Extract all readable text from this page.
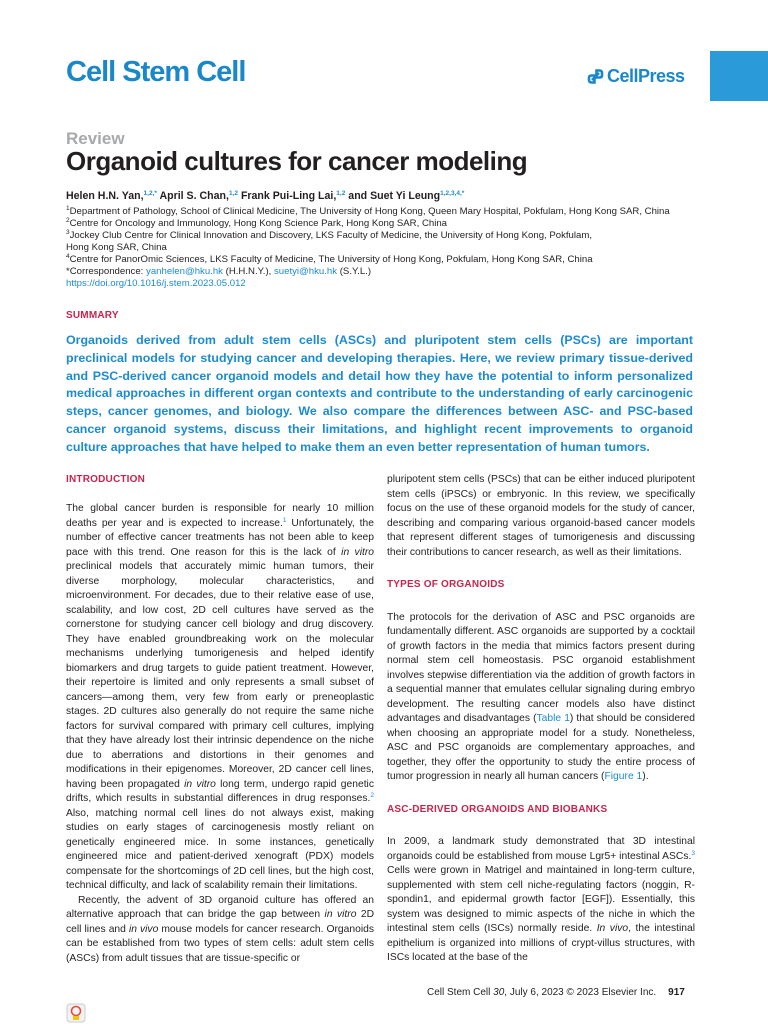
Cell Stem Cell	CellPress
Review
Organoid cultures for cancer modeling
Helen H.N. Yan,$^{1,2,*}$ April S. Chan,$^{1,2}$ Frank Pui-Ling Lai,$^{1,2}$ and Suet Yi Leung$^{1,2,3,4,*}$
$^1$Department of Pathology, School of Clinical Medicine, The University of Hong Kong, Queen Mary Hospital, Pokfulam, Hong Kong SAR, China
$^2$Centre for Oncology and Immunology, Hong Kong Science Park, Hong Kong SAR, China
$^3$Jockey Club Centre for Clinical Innovation and Discovery, LKS Faculty of Medicine, the University of Hong Kong, Pokfulam,
Hong Kong SAR, China
$^4$Centre for PanorOmic Sciences, LKS Faculty of Medicine, The University of Hong Kong, Pokfulam, Hong Kong SAR, China
*Correspondence: yanhelen@hku.hk (H.H.N.Y.), suetyi@hku.hk (S.Y.L.)
https://doi.org/10.1016/j.stem.2023.05.012
SUMMARY

Organoids derived from adult stem cells (ASCs) and pluripotent stem cells (PSCs) are important preclinical models for studying cancer and developing therapies. Here, we review primary tissue-derived and PSC-derived cancer organoid models and detail how they have the potential to inform personalized medical approaches in different organ contexts and contribute to the understanding of early carcinogenic steps, cancer genomes, and biology. We also compare the differences between ASC- and PSC-based cancer organoid systems, discuss their limitations, and highlight recent improvements to organoid culture approaches that have helped to make them an even better representation of human tumors.

INTRODUCTION

The global cancer burden is responsible for nearly 10 million deaths per year and is expected to increase.$^1$ Unfortunately, the number of effective cancer treatments has not been able to keep pace with this trend. One reason for this is the lack of in vitro preclinical models that accurately mimic human tumors, their diverse morphology, molecular characteristics, and microenvironment. For decades, due to their relative ease of use, scalability, and low cost, 2D cell cultures have served as the cornerstone for studying cancer cell biology and drug discovery. They have enabled groundbreaking work on the molecular mechanisms underlying tumorigenesis and helped identify biomarkers and drug targets to guide patient treatment. However, their repertoire is limited and only represents a small subset of cancers—among them, very few from early or preneoplastic stages. 2D cultures also generally do not require the same niche factors for survival compared with primary cell cultures, implying that they have already lost their intrinsic dependence on the niche due to aberrations and distortions in their genomes and modifications in their epigenomes. Moreover, 2D cancer cell lines, having been propagated in vitro long term, undergo rapid genetic drifts, which results in substantial differences in drug responses.$^2$ Also, matching normal cell lines do not always exist, making studies on early stages of carcinogenesis mostly reliant on genetically engineered mice. In some instances, genetically engineered mice and patient-derived xenograft (PDX) models compensate for the shortcomings of 2D cell lines, but the high cost, technical difficulty, and lack of scalability remain their limitations.

Recently, the advent of 3D organoid culture has offered an alternative approach that can bridge the gap between in vitro 2D cell lines and in vivo mouse models for cancer research. Organoids can be established from two types of stem cells: adult stem cells (ASCs) from adult tissues that are tissue-specific or

pluripotent stem cells (PSCs) that can be either induced pluripotent stem cells (iPSCs) or embryonic. In this review, we specifically focus on the use of these organoid models for the study of cancer, describing and comparing various organoid-based cancer models that represent different stages of tumorigenesis and discussing their contributions to cancer research, as well as their limitations.

TYPES OF ORGANOIDS

The protocols for the derivation of ASC and PSC organoids are fundamentally different. ASC organoids are supported by a cocktail of growth factors in the media that mimics factors present during normal stem cell homeostasis. PSC organoid establishment involves stepwise differentiation via the addition of growth factors in a sequential manner that emulates cellular signaling during embryo development. The resulting cancer models also have distinct advantages and disadvantages (Table 1) that should be considered when choosing an appropriate model for a study. Nonetheless, ASC and PSC organoids are complementary approaches, and together, they offer the opportunity to study the entire process of tumor progression in nearly all human cancers (Figure 1).

ASC-DERIVED ORGANOIDS AND BIOBANKS

In 2009, a landmark study demonstrated that 3D intestinal organoids could be established from mouse Lgr5+ intestinal ASCs.$^3$ Cells were grown in Matrigel and maintained in long-term culture, supplemented with stem cell niche-regulating factors (noggin, R-spondin1, and epidermal growth factor [EGF]). Essentially, this system was designed to mimic aspects of the niche in which the intestinal stem cells (ISCs) normally reside. In vivo, the intestinal epithelium is organized into millions of crypt-villus structures, with ISCs located at the base of the

Cell Stem Cell 30, July 6, 2023 © 2023 Elsevier Inc. 917
